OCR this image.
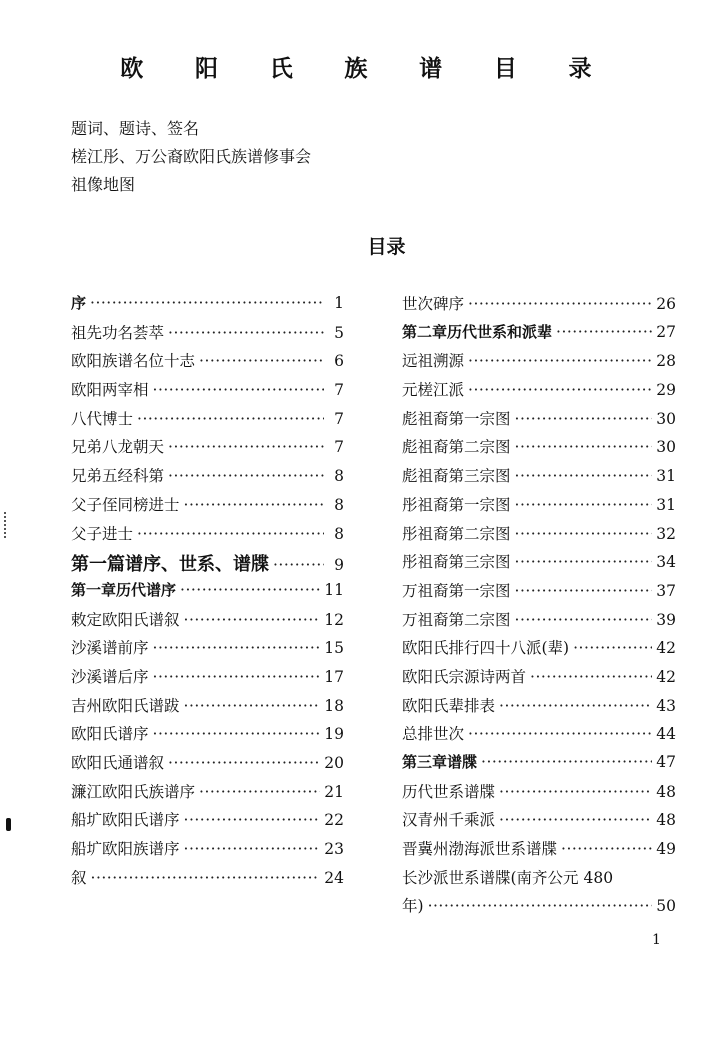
欧 阳 氏 族 谱 目 录
题词、题诗、签名
槎江彤、万公裔欧阳氏族谱修事会
祖像地图
目录
序 ·····	1
祖先功名荟萃 ·····	5
欧阳族谱名位十志 ·····	6
欧阳两宰相 ·····	7
八代博士 ·····	7
兄弟八龙朝天 ·····	7
兄弟五经科第 ·····	8
父子侄同榜进士 ·····	8
父子进士 ·····	8
第一篇谱序、世系、谱牒 ·····	9
第一章历代谱序 ·····	11
敕定欧阳氏谱叙 ·····	12
沙溪谱前序 ·····	15
沙溪谱后序 ·····	17
吉州欧阳氏谱跋 ·····	18
欧阳氏谱序 ·····	19
欧阳氏通谱叙 ·····	20
濂江欧阳氏族谱序 ·····	21
船圹欧阳氏谱序 ·····	22
船圹欧阳族谱序 ·····	23
叙 ·····	24
世次碑序 ·····	26
第二章历代世系和派辈 ·····	27
远祖溯源 ·····	28
元槎江派 ·····	29
彪祖裔第一宗图 ·····	30
彪祖裔第二宗图 ·····	30
彪祖裔第三宗图 ·····	31
彤祖裔第一宗图 ·····	31
彤祖裔第二宗图 ·····	32
彤祖裔第三宗图 ·····	34
万祖裔第一宗图 ·····	37
万祖裔第二宗图 ·····	39
欧阳氏排行四十八派(辈) ·····	42
欧阳氏宗源诗两首 ·····	42
欧阳氏辈排表 ·····	43
总排世次 ·····	44
第三章谱牒 ·····	47
历代世系谱牒 ·····	48
汉青州千乘派 ·····	48
晋冀州渤海派世系谱牒 ·····	49
长沙派世系谱牒(南齐公元 480
年) ·····	50
1
